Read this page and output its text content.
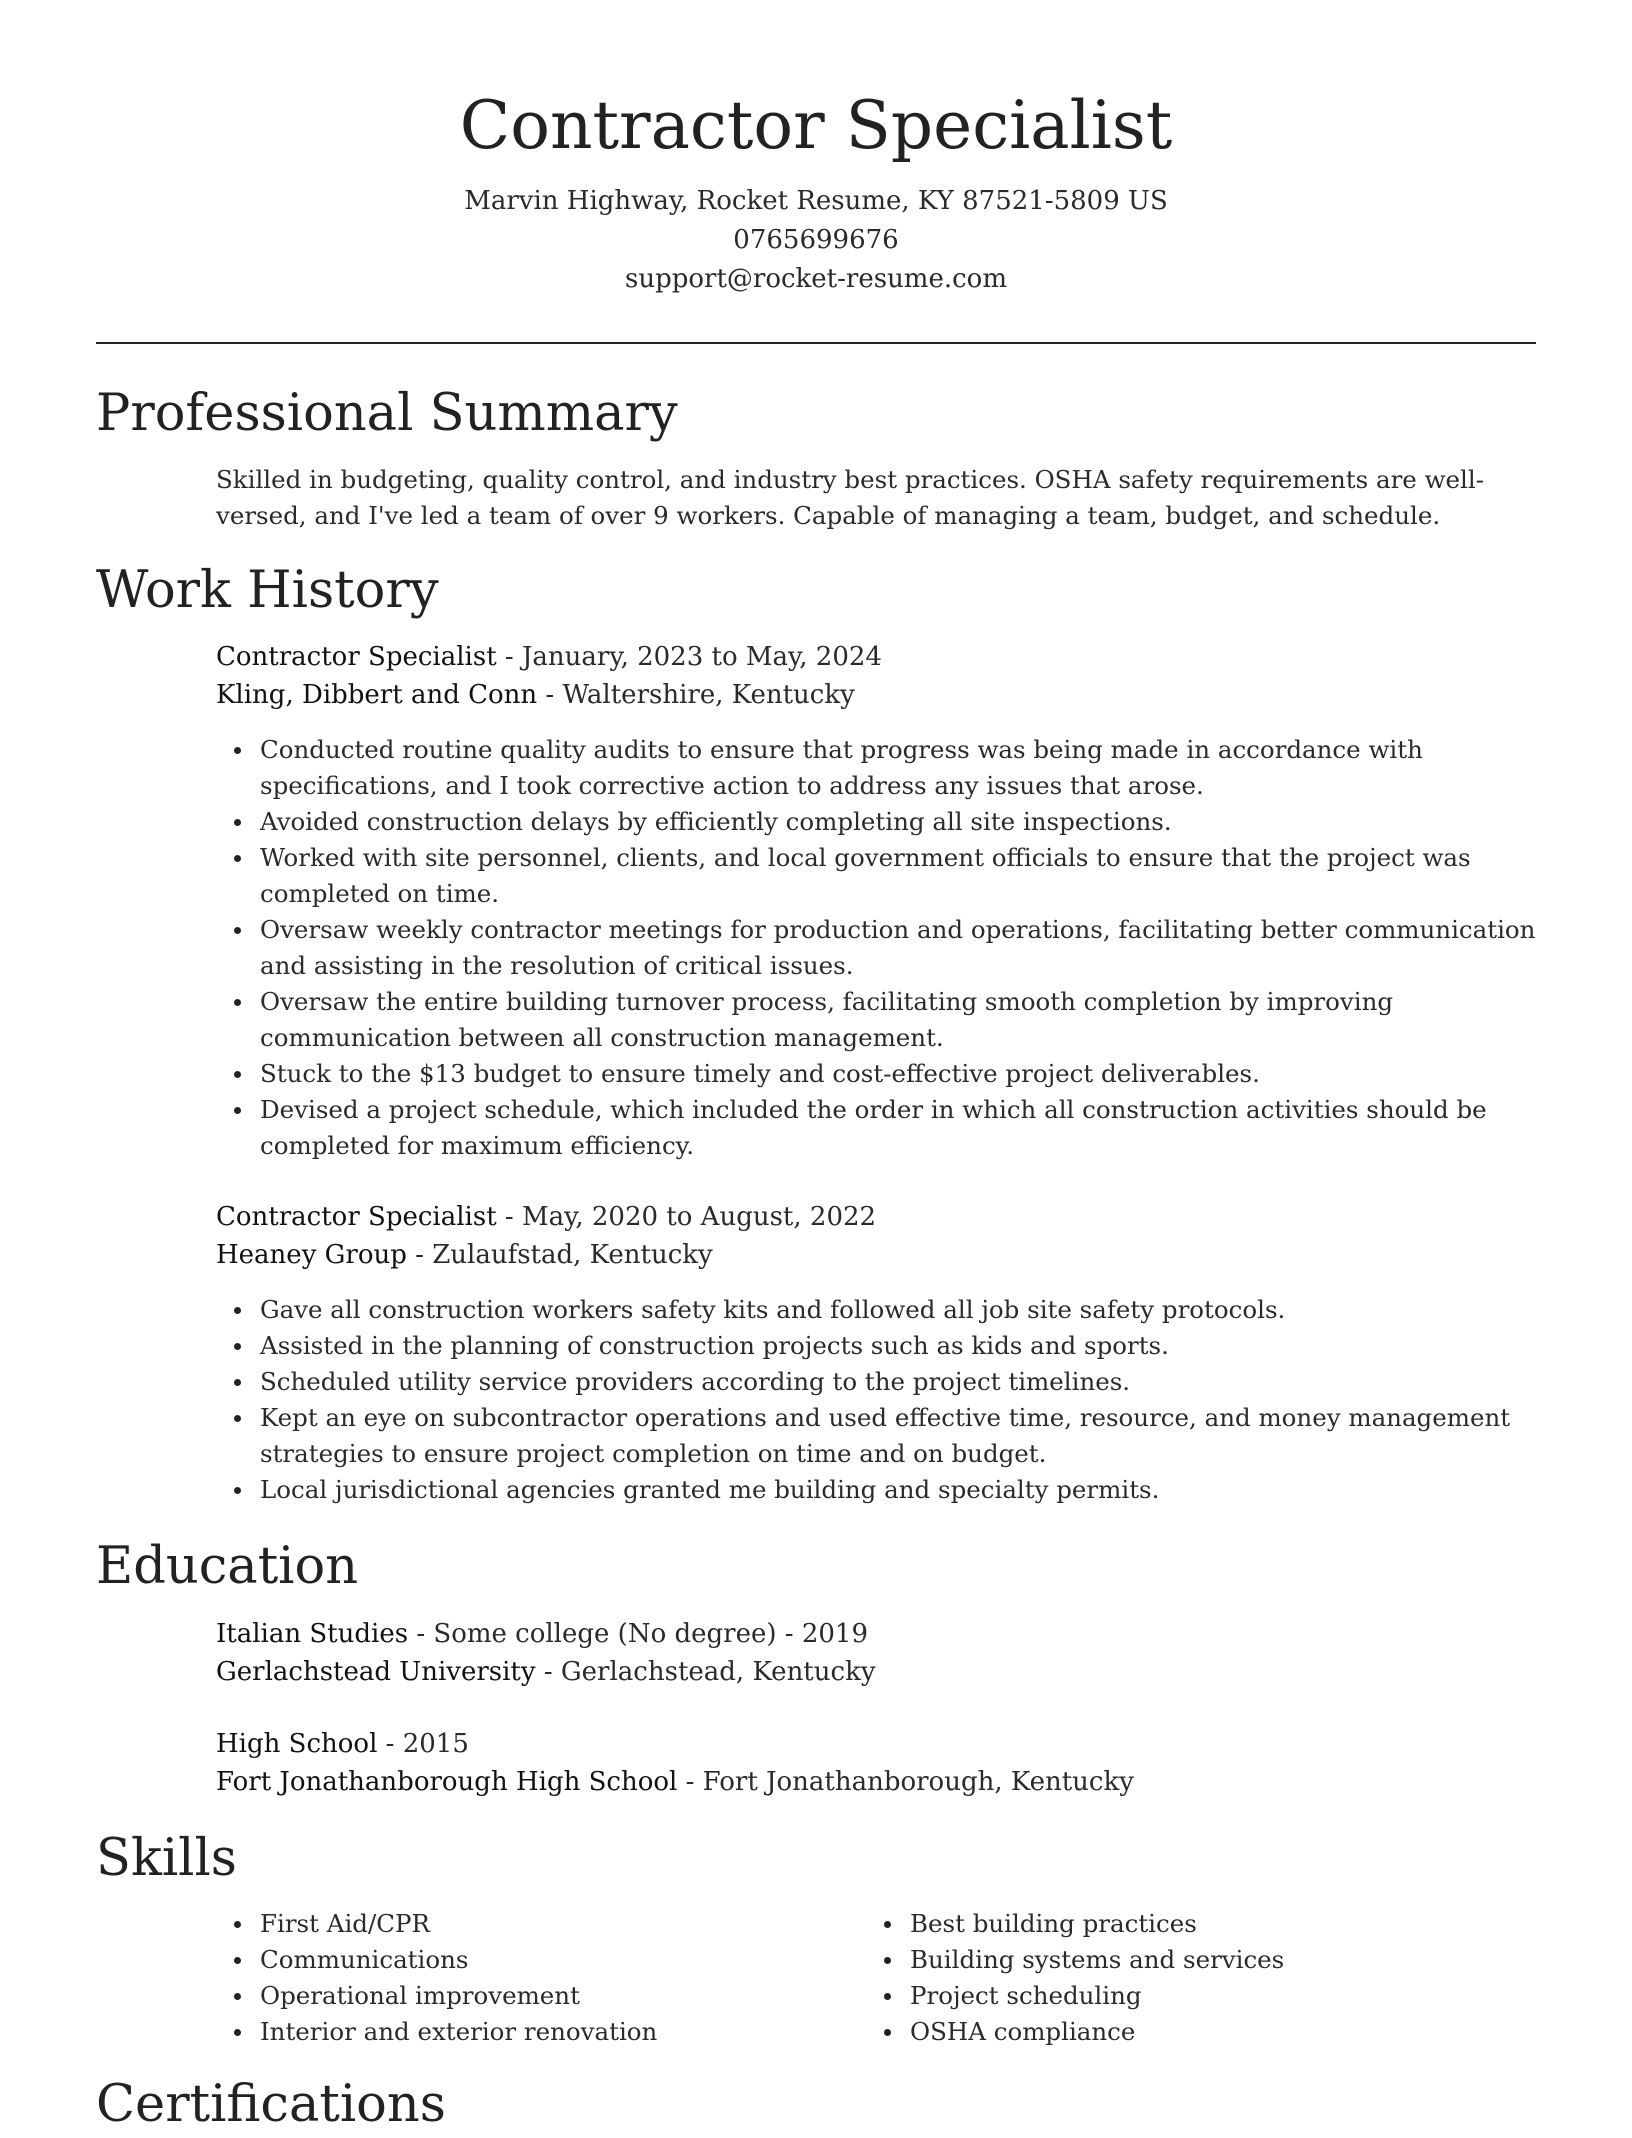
Contractor Specialist
Marvin Highway, Rocket Resume, KY 87521-5809 US
0765699676
support@rocket-resume.com
Professional Summary
Skilled in budgeting, quality control, and industry best practices. OSHA safety requirements are well-versed, and I've led a team of over 9 workers. Capable of managing a team, budget, and schedule.
Work History
Contractor Specialist - January, 2023 to May, 2024
Kling, Dibbert and Conn - Waltershire, Kentucky
Conducted routine quality audits to ensure that progress was being made in accordance with specifications, and I took corrective action to address any issues that arose.
Avoided construction delays by efficiently completing all site inspections.
Worked with site personnel, clients, and local government officials to ensure that the project was completed on time.
Oversaw weekly contractor meetings for production and operations, facilitating better communication and assisting in the resolution of critical issues.
Oversaw the entire building turnover process, facilitating smooth completion by improving communication between all construction management.
Stuck to the $13 budget to ensure timely and cost-effective project deliverables.
Devised a project schedule, which included the order in which all construction activities should be completed for maximum efficiency.
Contractor Specialist - May, 2020 to August, 2022
Heaney Group - Zulaufstad, Kentucky
Gave all construction workers safety kits and followed all job site safety protocols.
Assisted in the planning of construction projects such as kids and sports.
Scheduled utility service providers according to the project timelines.
Kept an eye on subcontractor operations and used effective time, resource, and money management strategies to ensure project completion on time and on budget.
Local jurisdictional agencies granted me building and specialty permits.
Education
Italian Studies - Some college (No degree) - 2019
Gerlachstead University - Gerlachstead, Kentucky
High School - 2015
Fort Jonathanborough High School - Fort Jonathanborough, Kentucky
Skills
First Aid/CPR
Communications
Operational improvement
Interior and exterior renovation
Best building practices
Building systems and services
Project scheduling
OSHA compliance
Certifications
